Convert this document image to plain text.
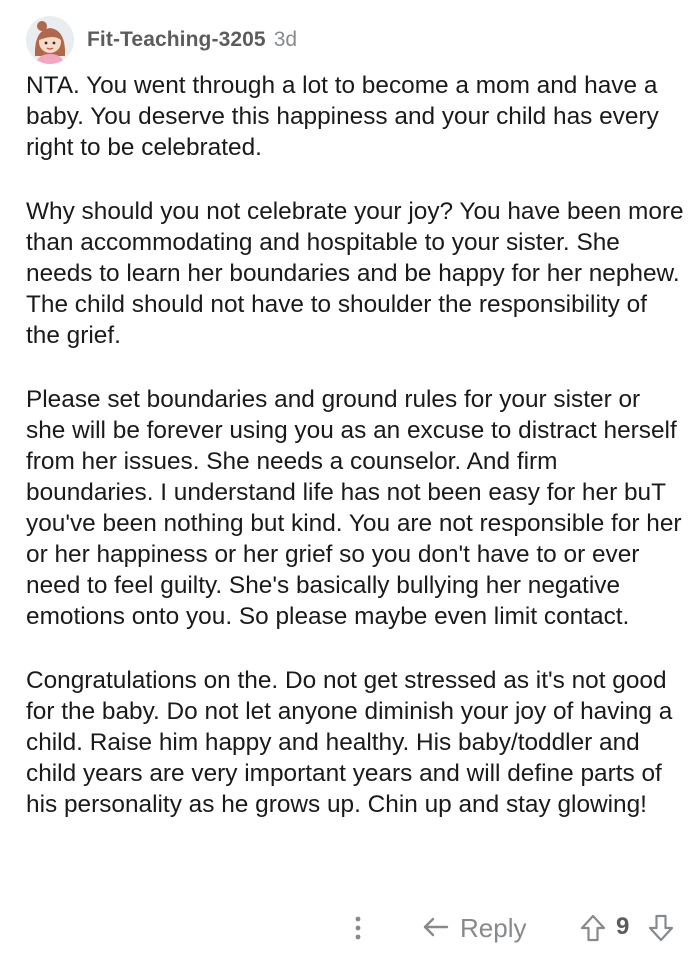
Fit-Teaching-3205 3d

NTA. You went through a lot to become a mom and have a baby. You deserve this happiness and your child has every right to be celebrated.

Why should you not celebrate your joy? You have been more than accommodating and hospitable to your sister. She needs to learn her boundaries and be happy for her nephew. The child should not have to shoulder the responsibility of the grief.

Please set boundaries and ground rules for your sister or she will be forever using you as an excuse to distract herself from her issues. She needs a counselor. And firm boundaries. I understand life has not been easy for her buT you've been nothing but kind. You are not responsible for her or her happiness or her grief so you don't have to or ever need to feel guilty. She's basically bullying her negative emotions onto you. So please maybe even limit contact.

Congratulations on the. Do not get stressed as it's not good for the baby. Do not let anyone diminish your joy of having a child. Raise him happy and healthy. His baby/toddler and child years are very important years and will define parts of his personality as he grows up. Chin up and stay glowing!

Reply	9
